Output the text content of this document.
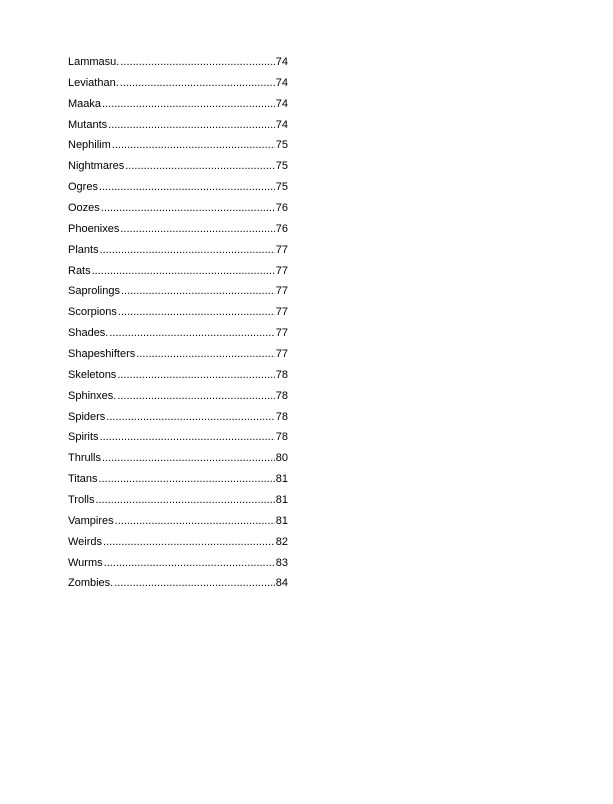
Lammasu. .....	74
Leviathan. .....	74
Maaka .....	74
Mutants .....	74
Nephilim .....	75
Nightmares .....	75
Ogres .....	75
Oozes .....	76
Phoenixes .....	76
Plants .....	77
Rats .....	77
Saprolings .....	77
Scorpions .....	77
Shades. .....	77
Shapeshifters .....	77
Skeletons .....	78
Sphinxes. .....	78
Spiders .....	78
Spirits .....	78
Thrulls .....	80
Titans .....	81
Trolls .....	81
Vampires .....	81
Weirds .....	82
Wurms .....	83
Zombies. .....	84
